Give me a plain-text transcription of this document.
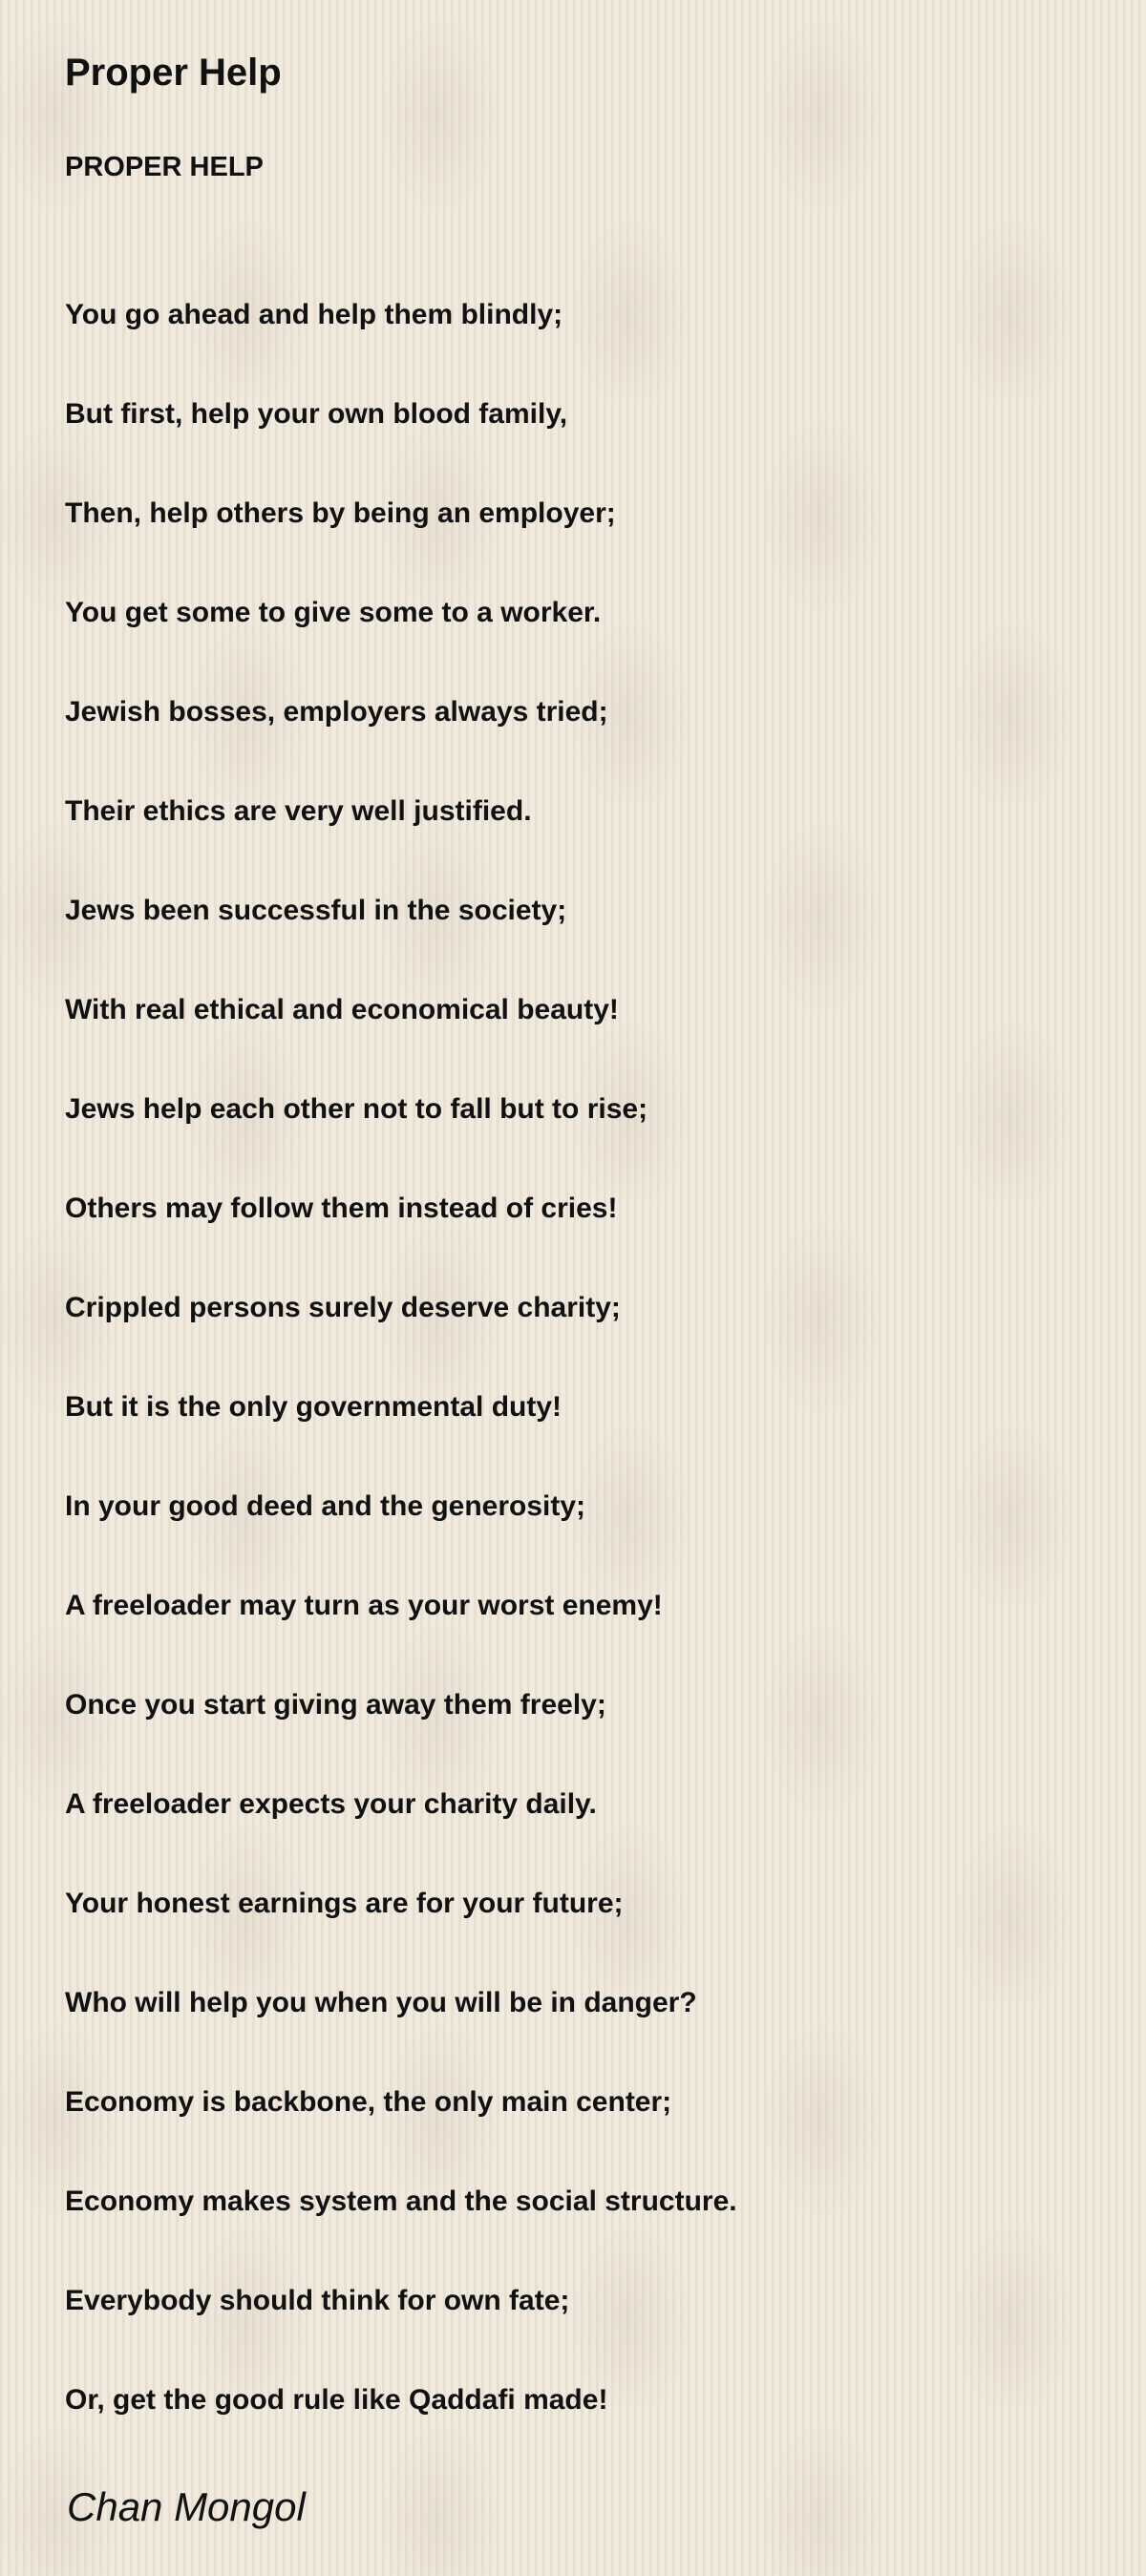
Proper Help
PROPER HELP
You go ahead and help them blindly;
But first, help your own blood family,
Then, help others by being an employer;
You get some to give some to a worker.
Jewish bosses, employers always tried;
Their ethics are very well justified.
Jews been successful in the society;
With real ethical and economical beauty!
Jews help each other not to fall but to rise;
Others may follow them instead of cries!
Crippled persons surely deserve charity;
But it is the only governmental duty!
In your good deed and the generosity;
A freeloader may turn as your worst enemy!
Once you start giving away them freely;
A freeloader expects your charity daily.
Your honest earnings are for your future;
Who will help you when you will be in danger?
Economy is backbone, the only main center;
Economy makes system and the social structure.
Everybody should think for own fate;
Or, get the good rule like Qaddafi made!

Chan Mongol
